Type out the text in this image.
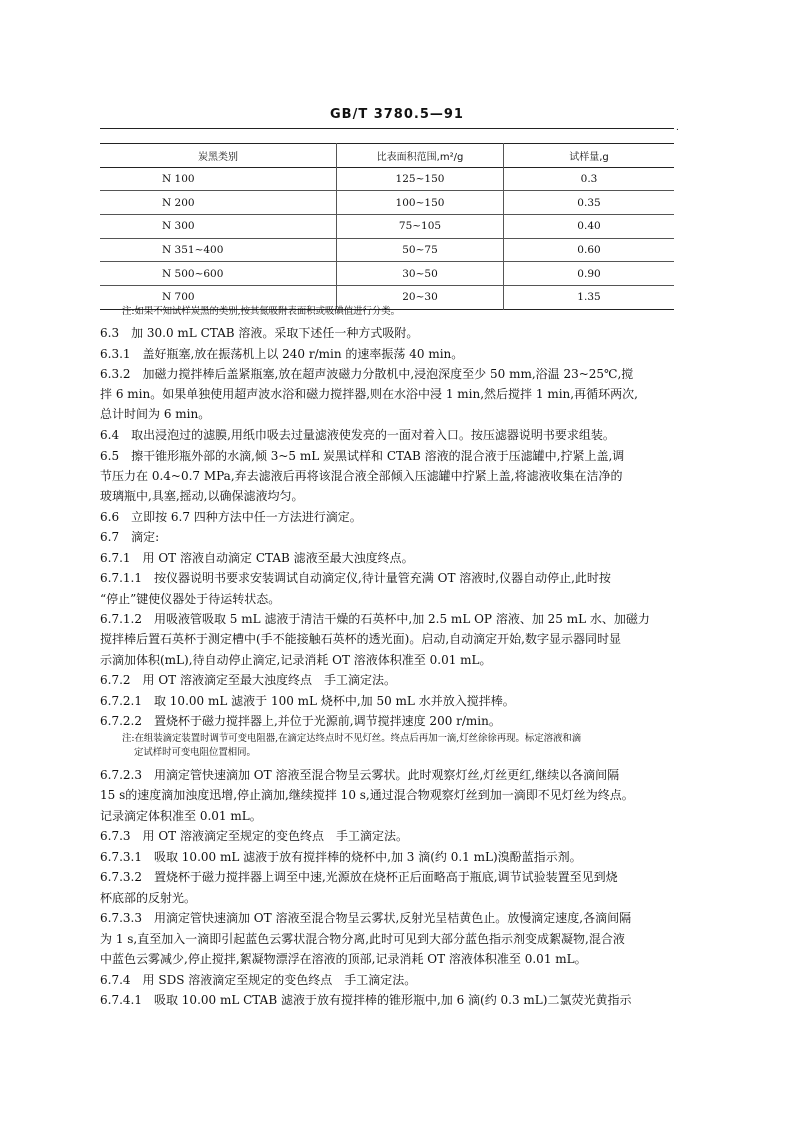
GB/T 3780.5—91
.
炭黑类别	比表面积范围,m²/g	试样量,g
N 100	125~150	0.3
N 200	100~150	0.35
N 300	75~105	0.40
N 351~400	50~75	0.60
N 500~600	30~50	0.90
N 700	20~30	1.35
注:如果不知试样炭黑的类别,按其氮吸附表面积或吸碘值进行分类。
6.3　加 30.0 mL CTAB 溶液。采取下述任一种方式吸附。
6.3.1　盖好瓶塞,放在振荡机上以 240 r/min 的速率振荡 40 min。
6.3.2　加磁力搅拌棒后盖紧瓶塞,放在超声波磁力分散机中,浸泡深度至少 50 mm,浴温 23~25℃,搅
拌 6 min。如果单独使用超声波水浴和磁力搅拌器,则在水浴中浸 1 min,然后搅拌 1 min,再循环两次,
总计时间为 6 min。
6.4　取出浸泡过的滤膜,用纸巾吸去过量滤液使发亮的一面对着入口。按压滤器说明书要求组装。
6.5　擦干锥形瓶外部的水滴,倾 3~5 mL 炭黑试样和 CTAB 溶液的混合液于压滤罐中,拧紧上盖,调
节压力在 0.4~0.7 MPa,弃去滤液后再将该混合液全部倾入压滤罐中拧紧上盖,将滤液收集在洁净的
玻璃瓶中,具塞,摇动,以确保滤液均匀。
6.6　立即按 6.7 四种方法中任一方法进行滴定。
6.7　滴定:
6.7.1　用 OT 溶液自动滴定 CTAB 滤液至最大浊度终点。
6.7.1.1　按仪器说明书要求安装调试自动滴定仪,待计量管充满 OT 溶液时,仪器自动停止,此时按
“停止”键使仪器处于待运转状态。
6.7.1.2　用吸液管吸取 5 mL 滤液于清洁干燥的石英杯中,加 2.5 mL OP 溶液、加 25 mL 水、加磁力
搅拌棒后置石英杯于测定槽中(手不能接触石英杯的透光面)。启动,自动滴定开始,数字显示器同时显
示滴加体积(mL),待自动停止滴定,记录消耗 OT 溶液体积准至 0.01 mL。
6.7.2　用 OT 溶液滴定至最大浊度终点　手工滴定法。
6.7.2.1　取 10.00 mL 滤液于 100 mL 烧杯中,加 50 mL 水并放入搅拌棒。
6.7.2.2　置烧杯于磁力搅拌器上,并位于光源前,调节搅拌速度 200 r/min。
注:在组装滴定装置时调节可变电阻器,在滴定达终点时不见灯丝。终点后再加一滴,灯丝徐徐再现。标定溶液和滴
定试样时可变电阻位置相同。
6.7.2.3　用滴定管快速滴加 OT 溶液至混合物呈云雾状。此时观察灯丝,灯丝更红,继续以各滴间隔
15 s的速度滴加浊度迅增,停止滴加,继续搅拌 10 s,通过混合物观察灯丝到加一滴即不见灯丝为终点。
记录滴定体积准至 0.01 mL。
6.7.3　用 OT 溶液滴定至规定的变色终点　手工滴定法。
6.7.3.1　吸取 10.00 mL 滤液于放有搅拌棒的烧杯中,加 3 滴(约 0.1 mL)溴酚蓝指示剂。
6.7.3.2　置烧杯于磁力搅拌器上调至中速,光源放在烧杯正后面略高于瓶底,调节试验装置至见到烧
杯底部的反射光。
6.7.3.3　用滴定管快速滴加 OT 溶液至混合物呈云雾状,反射光呈桔黄色止。放慢滴定速度,各滴间隔
为 1 s,直至加入一滴即引起蓝色云雾状混合物分离,此时可见到大部分蓝色指示剂变成絮凝物,混合液
中蓝色云雾减少,停止搅拌,絮凝物漂浮在溶液的顶部,记录消耗 OT 溶液体积准至 0.01 mL。
6.7.4　用 SDS 溶液滴定至规定的变色终点　手工滴定法。
6.7.4.1　吸取 10.00 mL CTAB 滤液于放有搅拌棒的锥形瓶中,加 6 滴(约 0.3 mL)二氯荧光黄指示
